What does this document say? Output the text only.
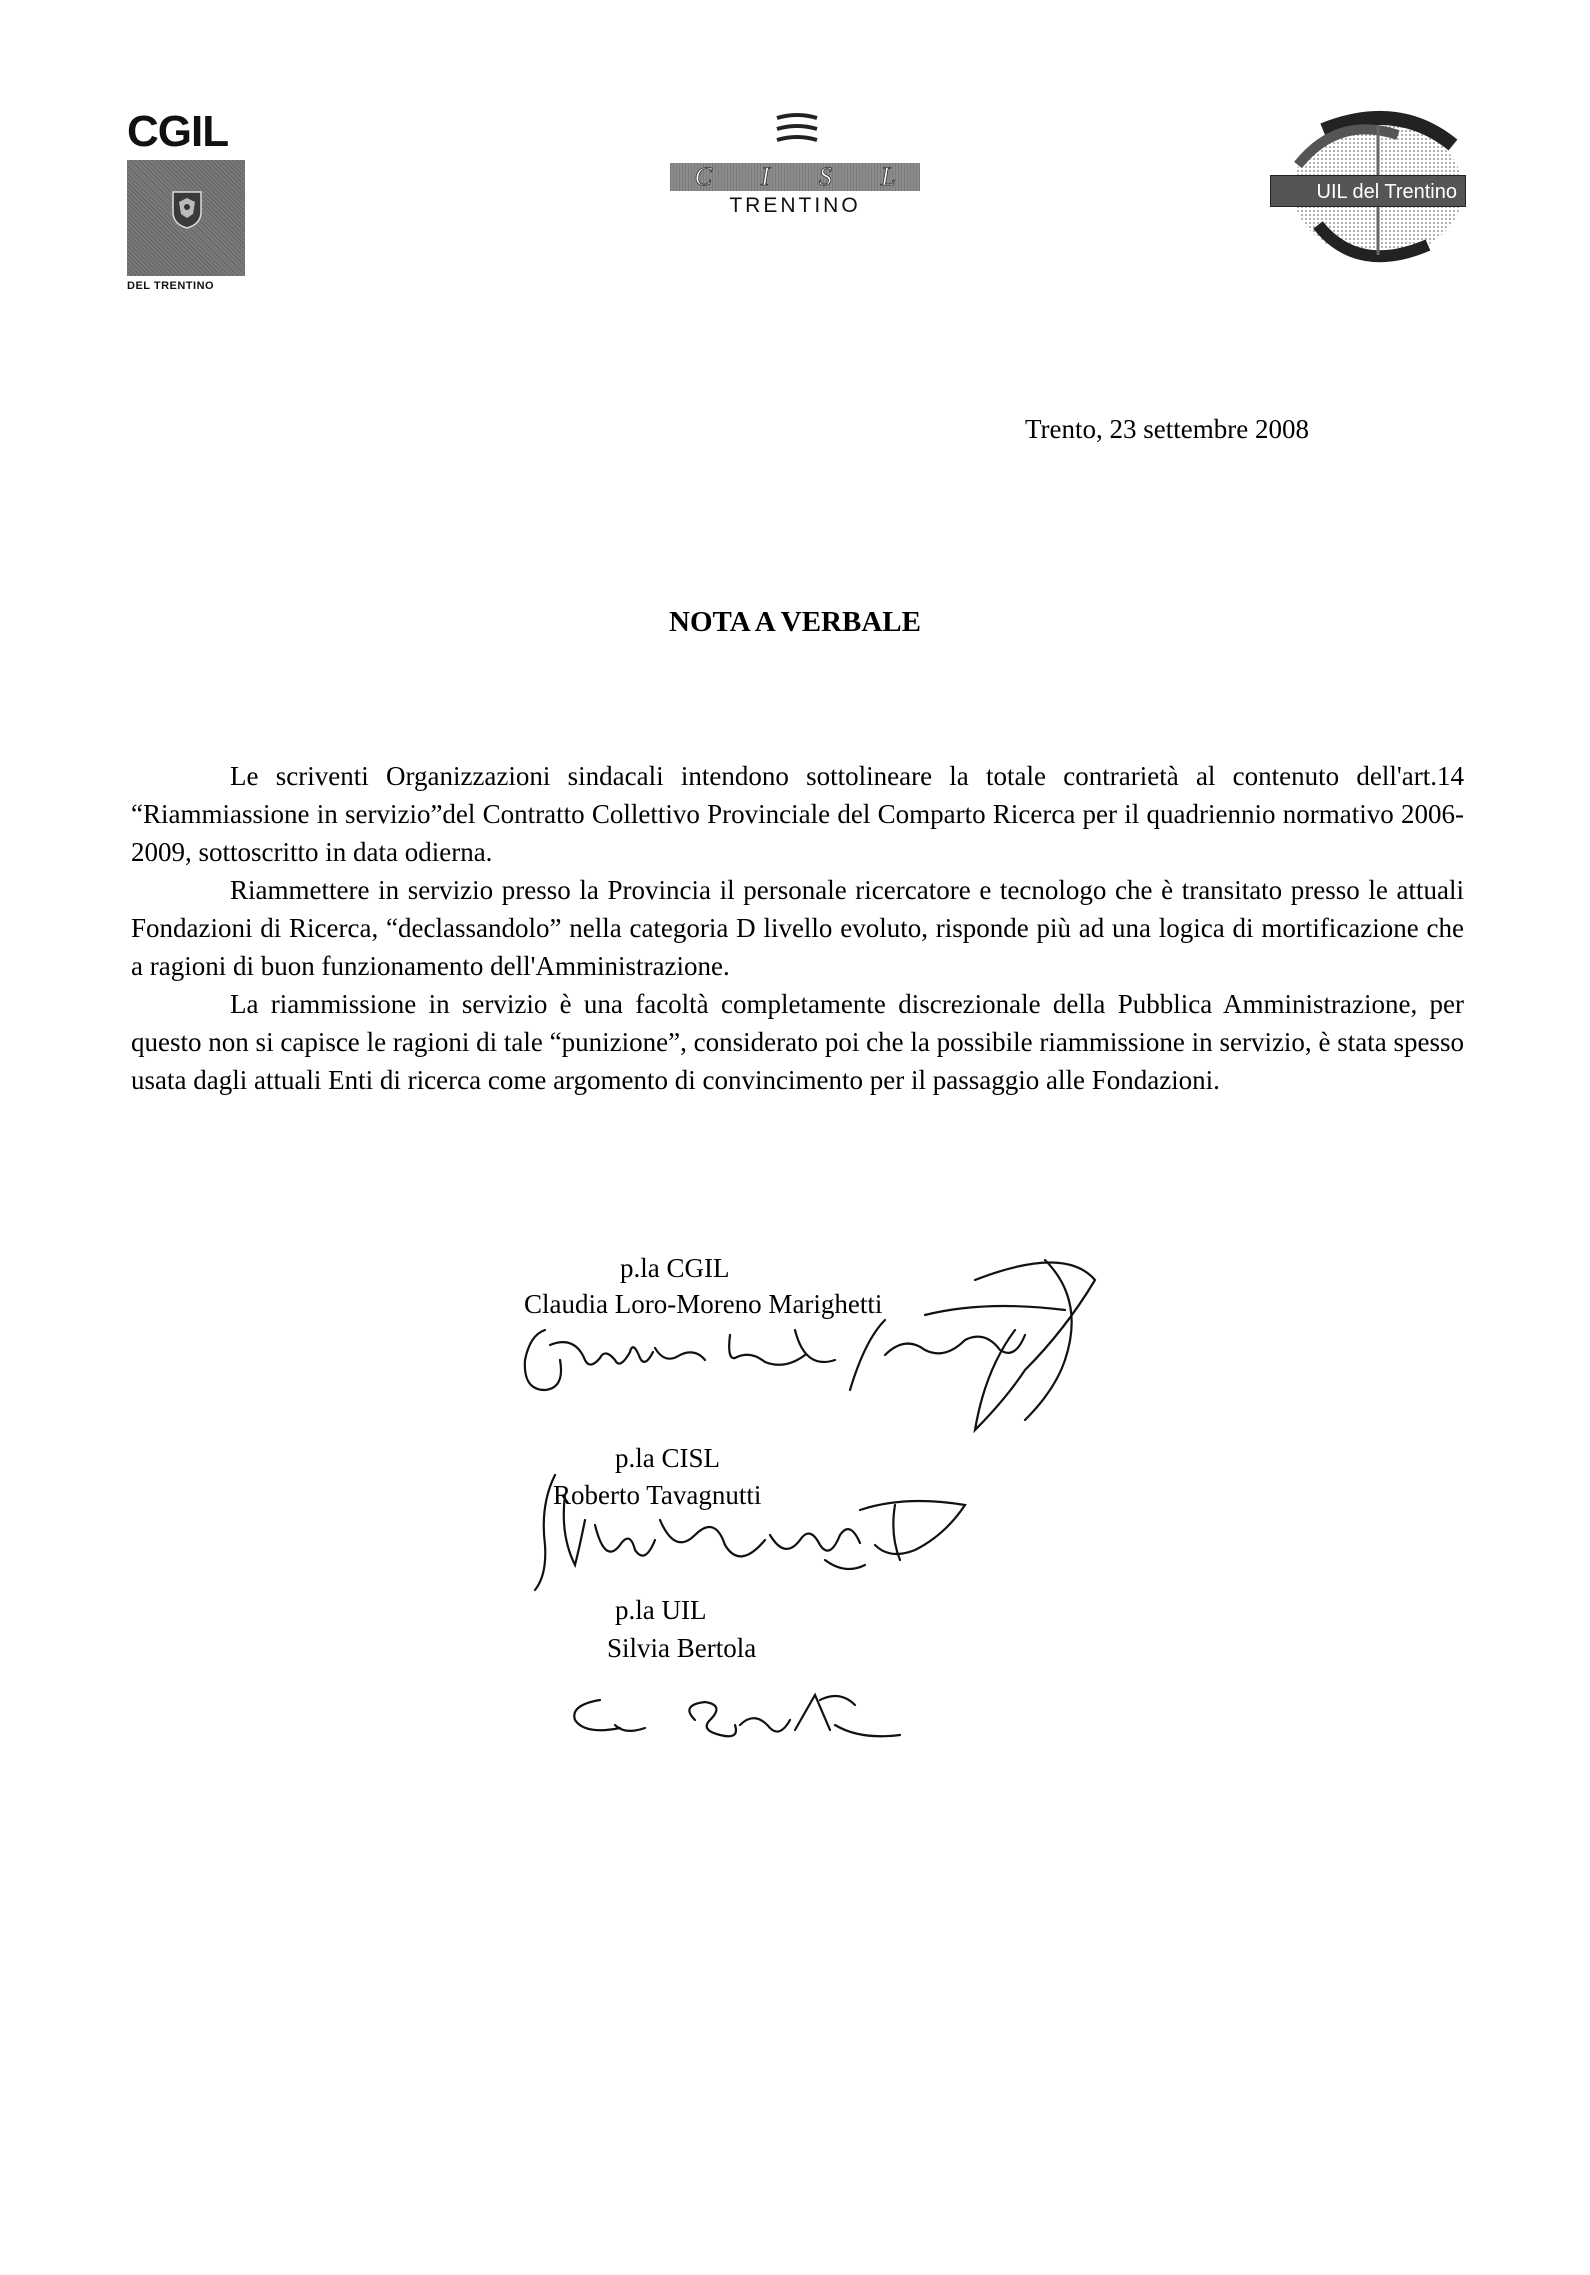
CGIL
DEL TRENTINO
C I S L
TRENTINO
UIL del Trentino
Trento, 23 settembre 2008
NOTA A VERBALE

Le scriventi Organizzazioni sindacali intendono sottolineare la totale contrarietà al contenuto dell'art.14 “Riammiassione in servizio”del Contratto Collettivo Provinciale del Comparto Ricerca per il quadriennio normativo 2006-2009, sottoscritto in data odierna.

Riammettere in servizio presso la Provincia il personale ricercatore e tecnologo che è transitato presso le attuali Fondazioni di Ricerca, “declassandolo” nella categoria D livello evoluto, risponde più ad una logica di mortificazione che a ragioni di buon funzionamento dell'Amministrazione.

La riammissione in servizio è una facoltà completamente discrezionale della Pubblica Amministrazione, per questo non si capisce le ragioni di tale “punizione”, considerato poi che la possibile riammissione in servizio, è stata spesso usata dagli attuali Enti di ricerca come argomento di convincimento per il passaggio alle Fondazioni.

p.la CGIL
Claudia Loro-Moreno Marighetti
p.la CISL
Roberto Tavagnutti
p.la UIL
Silvia Bertola
